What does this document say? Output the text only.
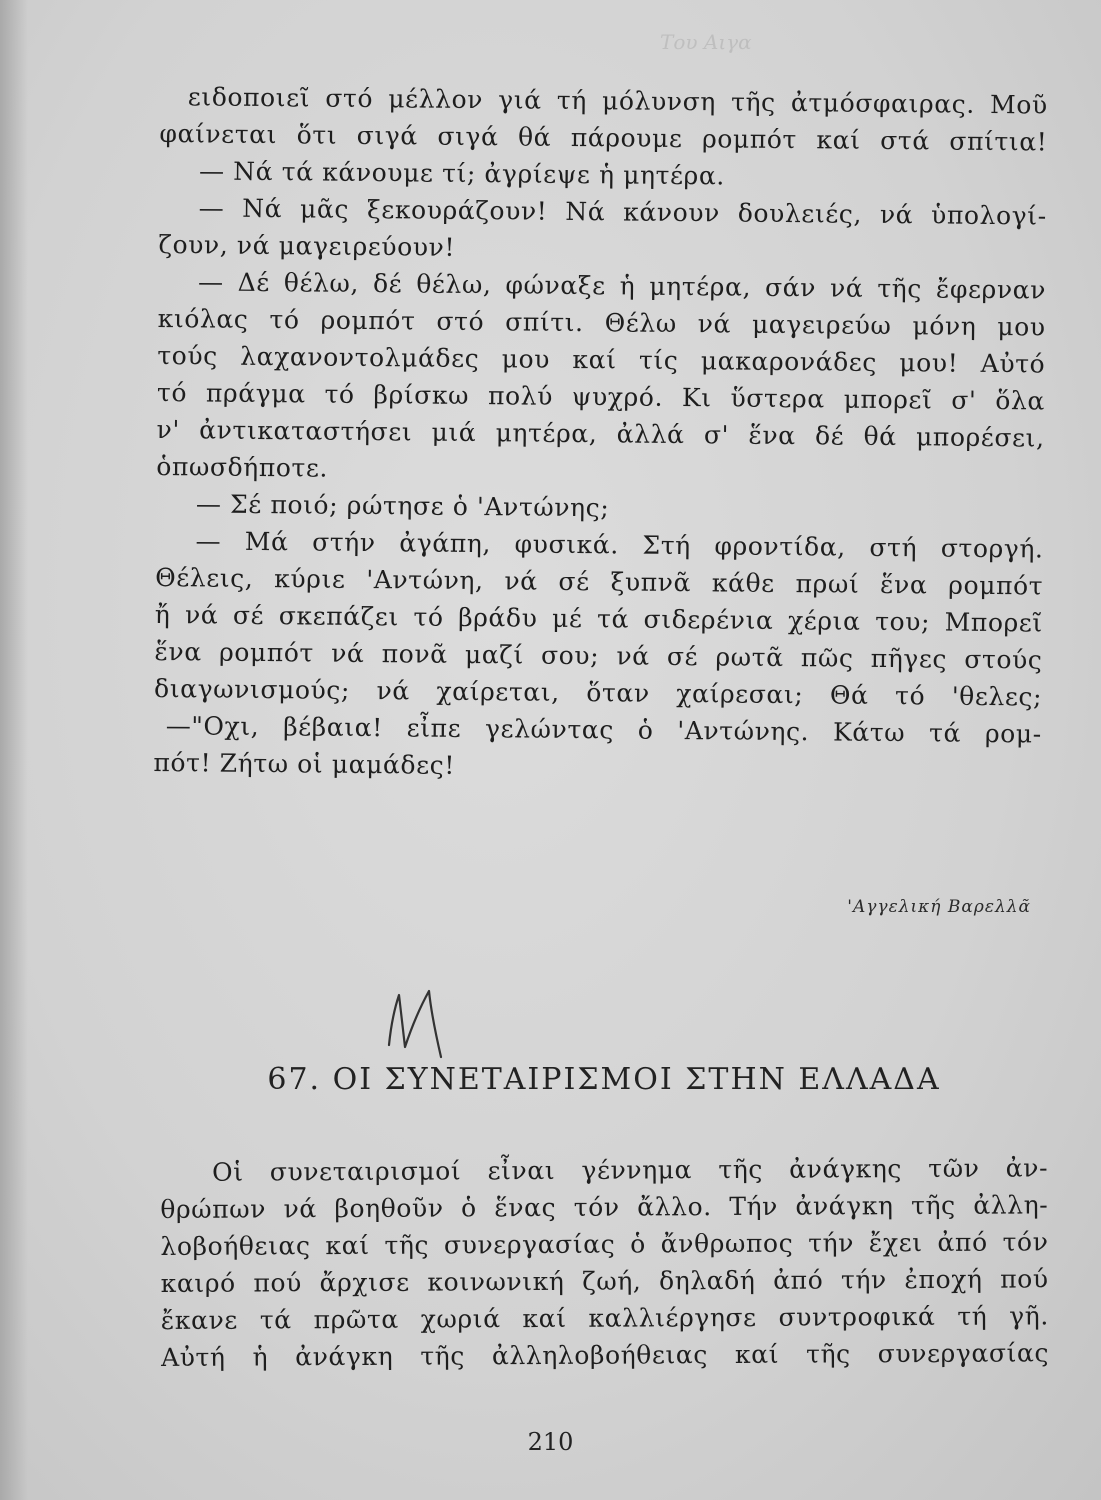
Του Αιγα
ειδοποιεῖ στό μέλλον γιά τή μόλυνση τῆς ἀτμόσφαιρας. Μοῦ
φαίνεται ὅτι σιγά σιγά θά πάρουμε ρομπότ καί στά σπίτια!
— Νά τά κάνουμε τί; ἀγρίεψε ἡ μητέρα.
— Νά μᾶς ξεκουράζουν! Νά κάνουν δουλειές, νά ὑπολογί-
ζουν, νά μαγειρεύουν!
— Δέ θέλω, δέ θέλω, φώναξε ἡ μητέρα, σάν νά τῆς ἔφερναν
κιόλας τό ρομπότ στό σπίτι. Θέλω νά μαγειρεύω μόνη μου
τούς λαχανοντολμάδες μου καί τίς μακαρονάδες μου! Αὐτό
τό πράγμα τό βρίσκω πολύ ψυχρό. Κι ὕστερα μπορεῖ σ' ὅλα
ν' ἀντικαταστήσει μιά μητέρα, ἀλλά σ' ἕνα δέ θά μπορέσει,
ὁπωσδήποτε.
— Σέ ποιό; ρώτησε ὁ 'Αντώνης;
— Μά στήν ἀγάπη, φυσικά. Στή φροντίδα, στή στοργή.
Θέλεις, κύριε 'Αντώνη, νά σέ ξυπνᾶ κάθε πρωί ἕνα ρομπότ
ἤ νά σέ σκεπάζει τό βράδυ μέ τά σιδερένια χέρια του; Μπορεῖ
ἕνα ρομπότ νά πονᾶ μαζί σου; νά σέ ρωτᾶ πῶς πῆγες στούς
διαγωνισμούς; νά χαίρεται, ὅταν χαίρεσαι; Θά τό 'θελες;
—"Οχι, βέβαια! εἶπε γελώντας ὁ 'Αντώνης. Κάτω τά ρομ-
πότ! Ζήτω οἱ μαμάδες!
'Αγγελική Βαρελλᾶ
67. ΟΙ ΣΥΝΕΤΑΙΡΙΣΜΟΙ ΣΤΗΝ ΕΛΛΑΔΑ
Οἱ συνεταιρισμοί εἶναι γέννημα τῆς ἀνάγκης τῶν ἀν-
θρώπων νά βοηθοῦν ὁ ἕνας τόν ἄλλο. Τήν ἀνάγκη τῆς ἀλλη-
λοβοήθειας καί τῆς συνεργασίας ὁ ἄνθρωπος τήν ἔχει ἀπό τόν
καιρό πού ἄρχισε κοινωνική ζωή, δηλαδή ἀπό τήν ἐποχή πού
ἔκανε τά πρῶτα χωριά καί καλλιέργησε συντροφικά τή γῆ.
Αὐτή ἡ ἀνάγκη τῆς ἀλληλοβοήθειας καί τῆς συνεργασίας
210
